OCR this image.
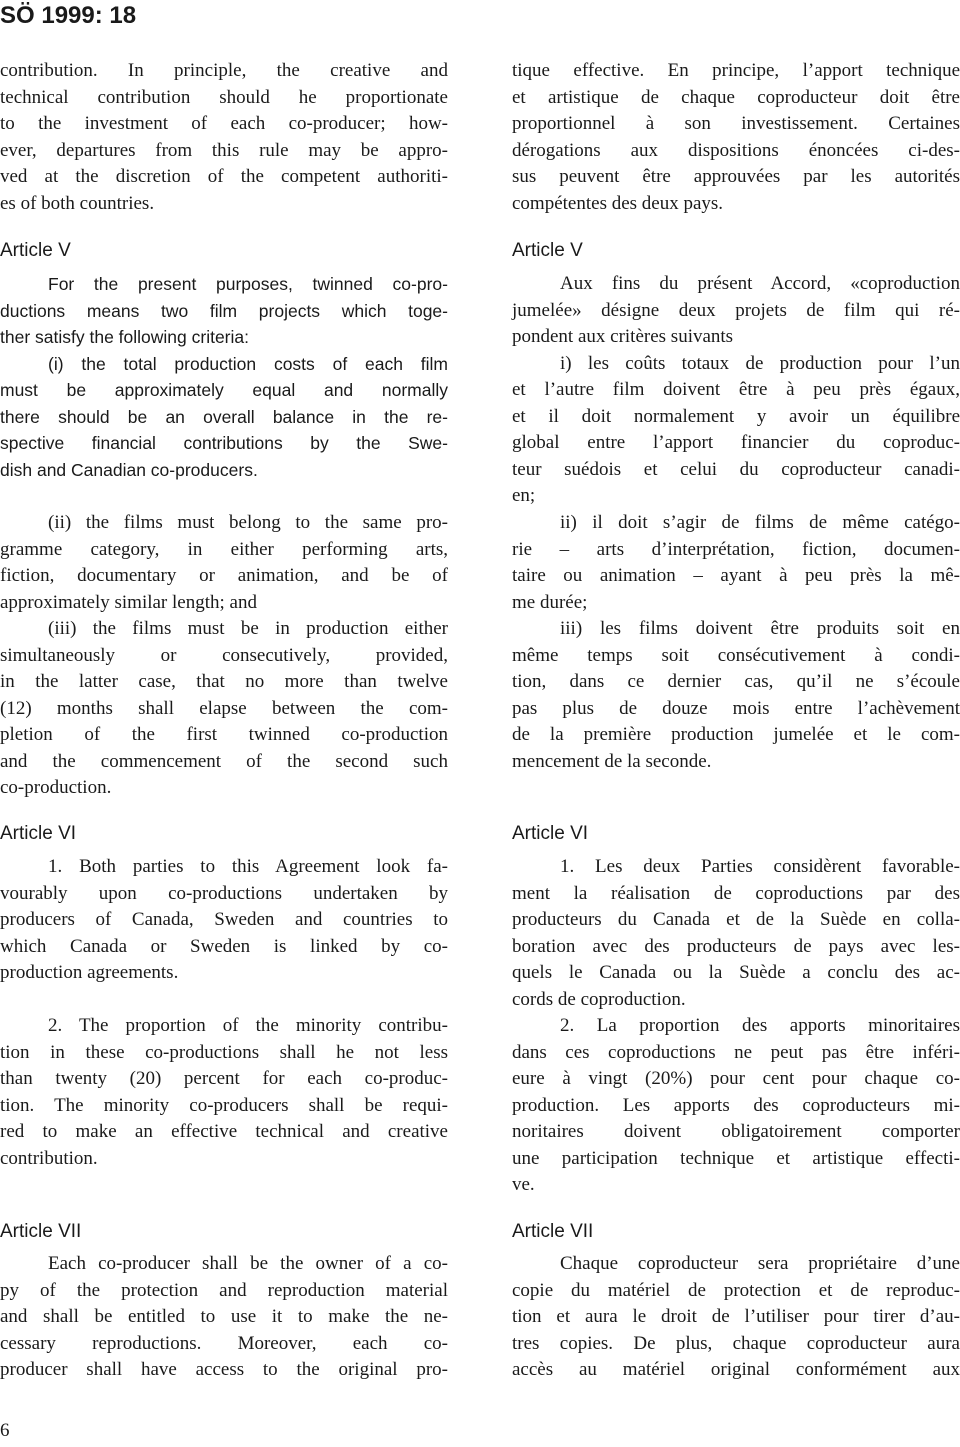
SÖ 1999: 18
contribution. In principle, the creative and
technical contribution should he proportionate
to the investment of each co-producer; how-
ever, departures from this rule may be appro-
ved at the discretion of the competent authoriti-
es of both countries.
Article V
For the present purposes, twinned co-pro-
ductions means two film projects which toge-
ther satisfy the following criteria:
(i) the total production costs of each film
must be approximately equal and normally
there should be an overall balance in the re-
spective financial contributions by the Swe-
dish and Canadian co-producers.
(ii) the films must belong to the same pro-
gramme category, in either performing arts,
fiction, documentary or animation, and be of
approximately similar length; and
(iii) the films must be in production either
simultaneously or consecutively, provided,
in the latter case, that no more than twelve
(12) months shall elapse between the com-
pletion of the first twinned co-production
and the commencement of the second such
co-production.
Article VI
1. Both parties to this Agreement look fa-
vourably upon co-productions undertaken by
producers of Canada, Sweden and countries to
which Canada or Sweden is linked by co-
production agreements.
2. The proportion of the minority contribu-
tion in these co-productions shall he not less
than twenty (20) percent for each co-produc-
tion. The minority co-producers shall be requi-
red to make an effective technical and creative
contribution.
Article VII
Each co-producer shall be the owner of a co-
py of the protection and reproduction material
and shall be entitled to use it to make the ne-
cessary reproductions. Moreover, each co-
producer shall have access to the original pro-
tique effective. En principe, l’apport technique
et artistique de chaque coproducteur doit être
proportionnel à son investissement. Certaines
dérogations aux dispositions énoncées ci-des-
sus peuvent être approuvées par les autorités
compétentes des deux pays.
Article V
Aux fins du présent Accord, «coproduction
jumelée» désigne deux projets de film qui ré-
pondent aux critères suivants
i) les coûts totaux de production pour l’un
et l’autre film doivent être à peu près égaux,
et il doit normalement y avoir un équilibre
global entre l’apport financier du coproduc-
teur suédois et celui du coproducteur canadi-
en;
ii) il doit s’agir de films de même catégo-
rie – arts d’interprétation, fiction, documen-
taire ou animation – ayant à peu près la mê-
me durée;
iii) les films doivent être produits soit en
même temps soit consécutivement à condi-
tion, dans ce dernier cas, qu’il ne s’écoule
pas plus de douze mois entre l’achèvement
de la première production jumelée et le com-
mencement de la seconde.
Article VI
1. Les deux Parties considèrent favorable-
ment la réalisation de coproductions par des
producteurs du Canada et de la Suède en colla-
boration avec des producteurs de pays avec les-
quels le Canada ou la Suède a conclu des ac-
cords de coproduction.
2. La proportion des apports minoritaires
dans ces coproductions ne peut pas être inféri-
eure à vingt (20%) pour cent pour chaque co-
production. Les apports des coproducteurs mi-
noritaires doivent obligatoirement comporter
une participation technique et artistique effecti-
ve.
Article VII
Chaque coproducteur sera propriétaire d’une
copie du matériel de protection et de reproduc-
tion et aura le droit de l’utiliser pour tirer d’au-
tres copies. De plus, chaque coproducteur aura
accès au matériel original conformément aux
6
